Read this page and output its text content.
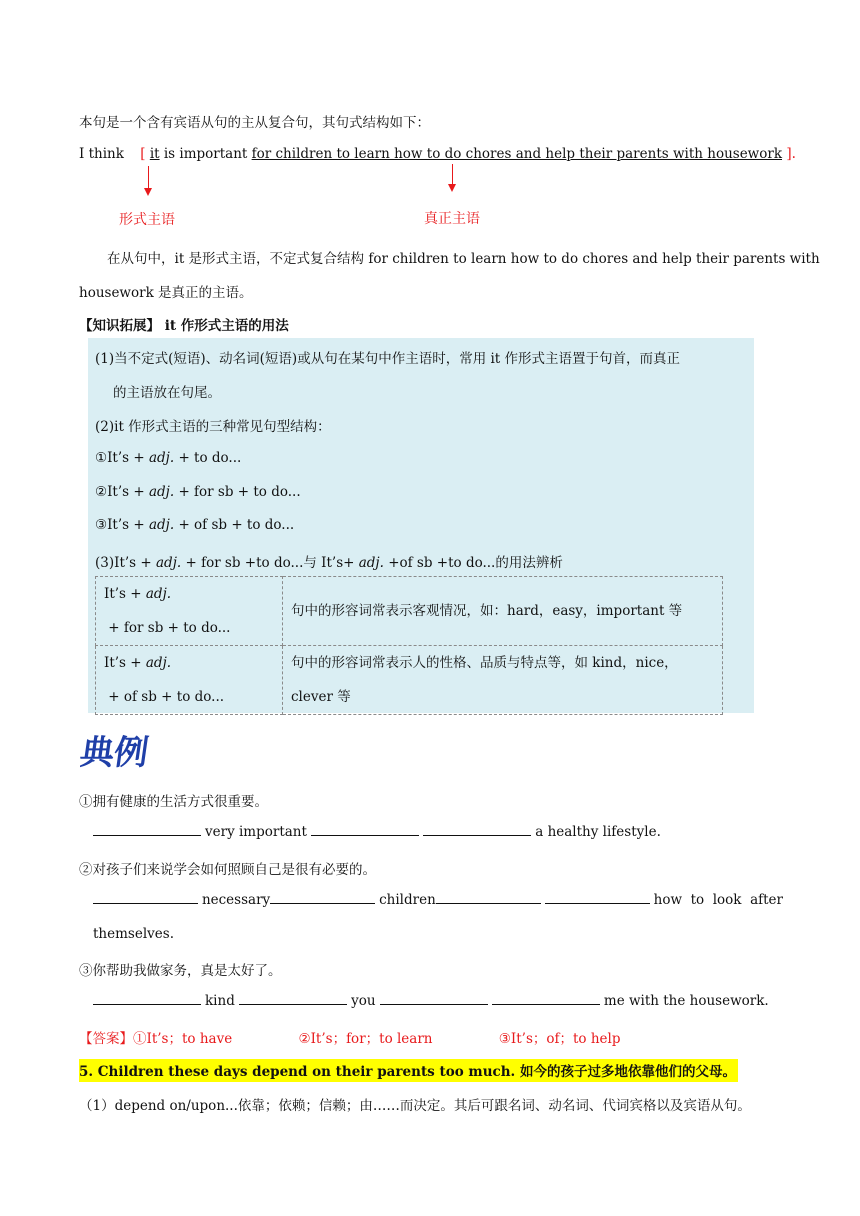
本句是一个含有宾语从句的主从复合句，其句式结构如下：
I think [ it is important for children to learn how to do chores and help their parents with housework ].
形式主语	真正主语
在从句中，it 是形式主语，不定式复合结构 for children to learn how to do chores and help their parents with
housework 是真正的主语。
【知识拓展】 it 作形式主语的用法
(1)当不定式(短语)、动名词(短语)或从句在某句中作主语时，常用 it 作形式主语置于句首，而真正
的主语放在句尾。
(2)it 作形式主语的三种常见句型结构：
①It’s + adj. + to do...
②It’s + adj. + for sb + to do...
③It’s + adj. + of sb + to do...
(3)It’s + adj. + for sb +to do...与 It’s+ adj. +of sb +to do...的用法辨析
It’s + adj. + for sb + to do...	句中的形容词常表示客观情况，如：hard，easy，important 等
It’s + adj. + of sb + to do...	句中的形容词常表示人的性格、品质与特点等，如 kind，nice，
clever 等
典例
①拥有健康的生活方式很重要。
very important	a healthy lifestyle.
②对孩子们来说学会如何照顾自己是很有必要的。
necessary	children	how  to  look  after
themselves.
③你帮助我做家务，真是太好了。
kind	you	me with the housework.
【答案】①It’s；to have	②It’s；for；to learn	③It’s；of；to help
5. Children these days depend on their parents too much. 如今的孩子过多地依靠他们的父母。
（1）depend on/upon...依靠；依赖；信赖；由……而决定。其后可跟名词、动名词、代词宾格以及宾语从句。
